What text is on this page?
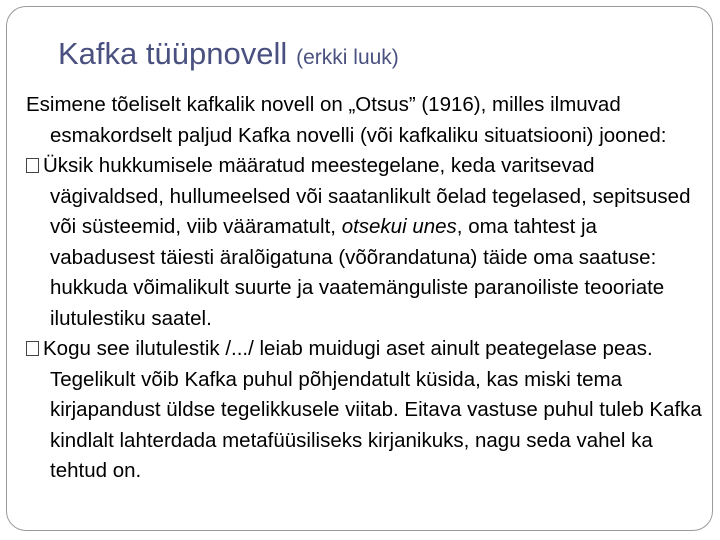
Kafka tüüpnovell (erkki luuk)

Esimene tõeliselt kafkalik novell on „Otsus” (1916), milles ilmuvad esmakordselt paljud Kafka novelli (või kafkaliku situatsiooni) jooned:

Üksik hukkumisele määratud meestegelane, keda varitsevad vägivaldsed, hullumeelsed või saatanlikult õelad tegelased, sepitsused või süsteemid, viib vääramatult, otsekui unes, oma tahtest ja vabadusest täiesti äralõigatuna (võõrandatuna) täide oma saatuse: hukkuda võimalikult suurte ja vaatemänguliste paranoiliste teooriate ilutulestiku saatel.

Kogu see ilutulestik /.../ leiab muidugi aset ainult peategelase peas. Tegelikult võib Kafka puhul põhjendatult küsida, kas miski tema kirjapandust üldse tegelikkusele viitab. Eitava vastuse puhul tuleb Kafka kindlalt lahterdada metafüüsiliseks kirjanikuks, nagu seda vahel ka tehtud on.
